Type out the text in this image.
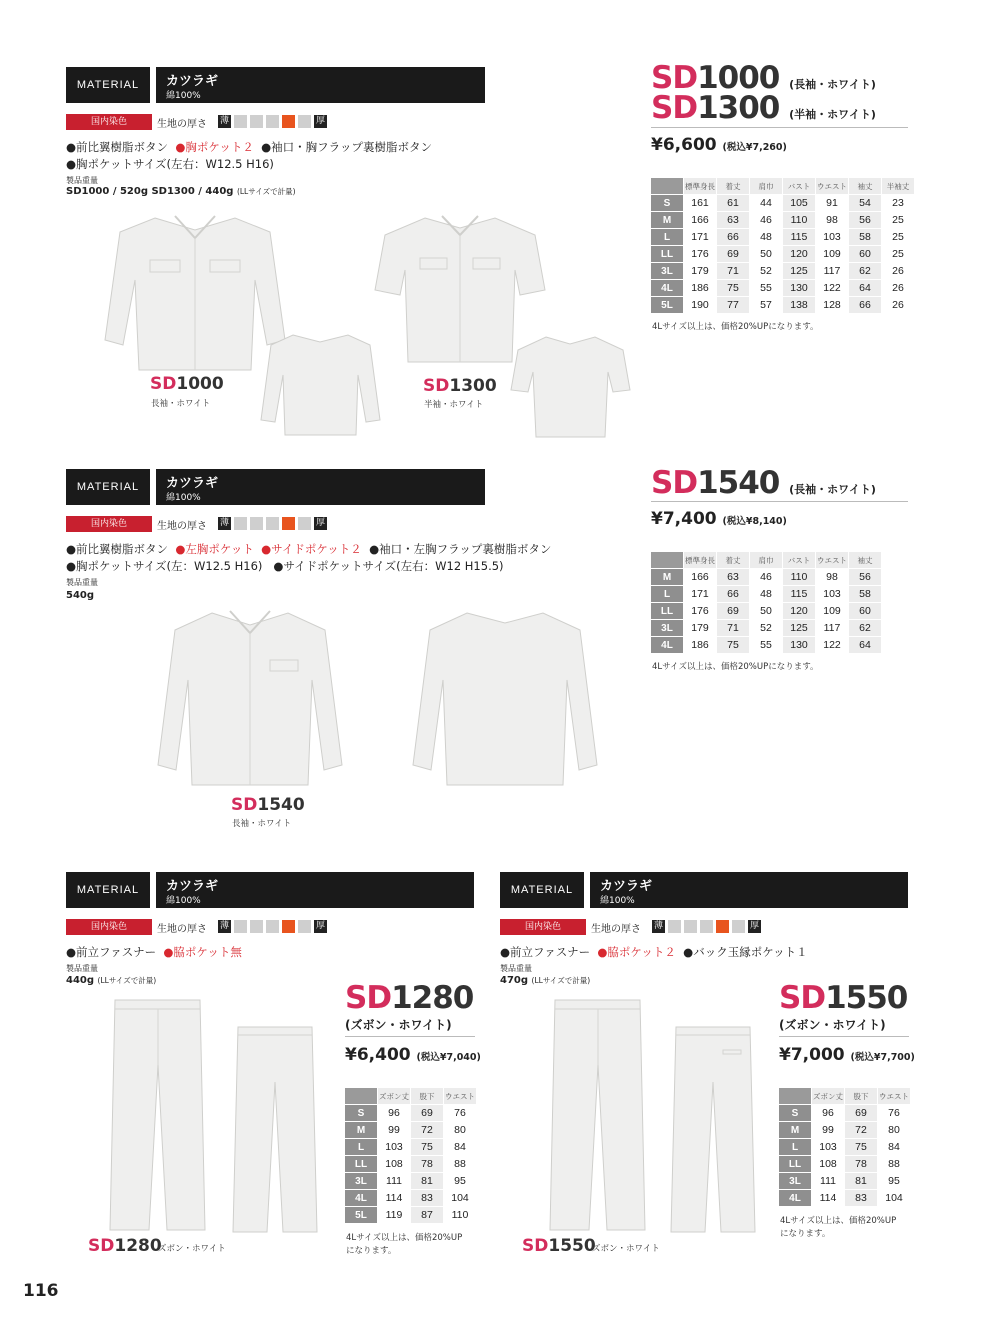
MATERIAL	カツラギ
綿100%
国内染色	生地の厚さ 薄	厚
●前比翼樹脂ボタン ●胸ポケット２ ●袖口・胸フラップ裏樹脂ボタン
●胸ポケットサイズ(左右：W12.5 H16)
製品重量
SD1000 / 520g SD1300 / 440g (LLサイズで計量)
SD1000 (長袖・ホワイト)
SD1300 (半袖・ホワイト)
¥6,600 (税込¥7,260)
	標準身長	着丈	肩巾	バスト	ウエスト	袖丈	半袖丈
S	161	61	44	105	91	54	23
M	166	63	46	110	98	56	25
L	171	66	48	115	103	58	25
LL	176	69	50	120	109	60	25
3L	179	71	52	125	117	62	26
4L	186	75	55	130	122	64	26
5L	190	77	57	138	128	66	26
4Lサイズ以上は、価格20%UPになります。
SD1000
長袖・ホワイト
SD1300
半袖・ホワイト
MATERIAL	カツラギ
綿100%
国内染色	生地の厚さ 薄	厚
●前比翼樹脂ボタン ●左胸ポケット ●サイドポケット２ ●袖口・左胸フラップ裏樹脂ボタン
●胸ポケットサイズ(左：W12.5 H16) ●サイドポケットサイズ(左右：W12 H15.5)
製品重量
540g
SD1540 (長袖・ホワイト)
¥7,400 (税込¥8,140)
	標準身長	着丈	肩巾	バスト	ウエスト	袖丈
M	166	63	46	110	98	56
L	171	66	48	115	103	58
LL	176	69	50	120	109	60
3L	179	71	52	125	117	62
4L	186	75	55	130	122	64
4Lサイズ以上は、価格20%UPになります。
SD1540
長袖・ホワイト
MATERIAL	カツラギ
綿100%
国内染色	生地の厚さ 薄	厚
●前立ファスナー ●脇ポケット無
製品重量
440g (LLサイズで計量)	SD1280
(ズボン・ホワイト)
¥6,400 (税込¥7,040)
	ズボン丈	股下	ウエスト
S	96	69	76
M	99	72	80
L	103	75	84
LL	108	78	88
3L	111	81	95
4L	114	83	104
5L	119	87	110
4Lサイズ以上は、価格20%UP
になります。
SD1280
ズボン・ホワイト
MATERIAL	カツラギ
綿100%
国内染色	生地の厚さ 薄	厚
●前立ファスナー ●脇ポケット２ ●バック玉縁ポケット１
製品重量
470g (LLサイズで計量)	SD1550
(ズボン・ホワイト)
¥7,000 (税込¥7,700)
	ズボン丈	股下	ウエスト
S	96	69	76
M	99	72	80
L	103	75	84
LL	108	78	88
3L	111	81	95
4L	114	83	104
4Lサイズ以上は、価格20%UP
になります。
SD1550
ズボン・ホワイト
116
